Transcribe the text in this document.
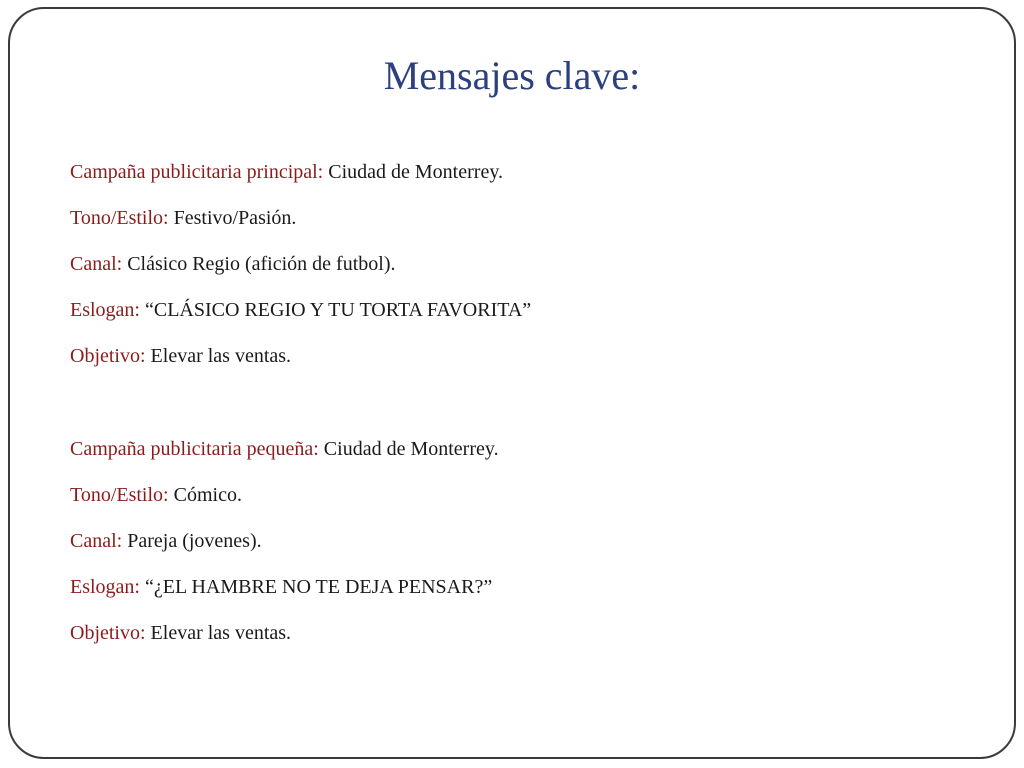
Mensajes clave:
Campaña publicitaria principal: Ciudad de Monterrey.
Tono/Estilo: Festivo/Pasión.
Canal: Clásico Regio (afición de futbol).
Eslogan: “CLÁSICO REGIO Y TU TORTA FAVORITA”
Objetivo: Elevar las ventas.
Campaña publicitaria pequeña: Ciudad de Monterrey.
Tono/Estilo: Cómico.
Canal: Pareja (jovenes).
Eslogan: “¿EL HAMBRE NO TE DEJA PENSAR?”
Objetivo: Elevar las ventas.
